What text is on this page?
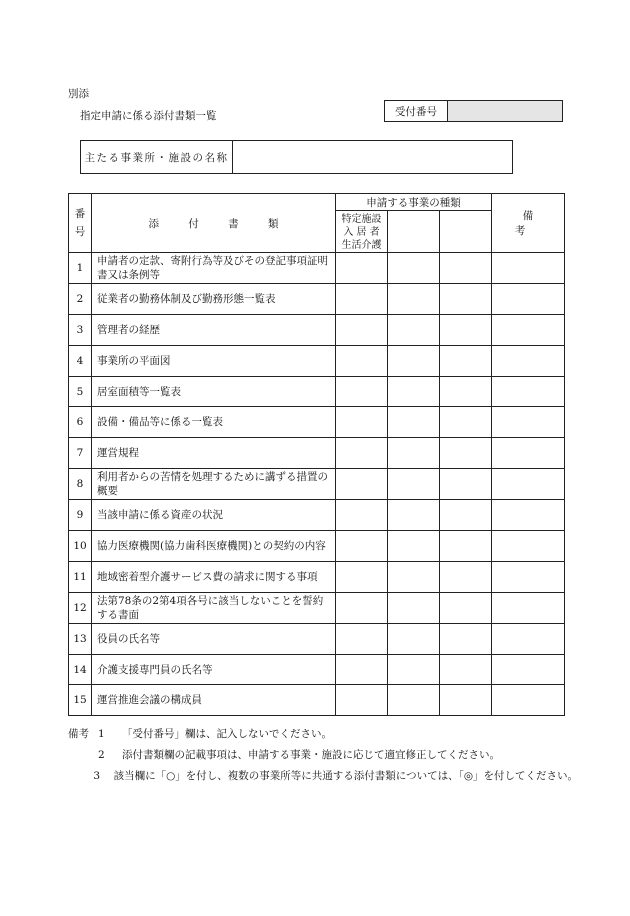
別添
指定申請に係る添付書類一覧	受付番号
主たる事業所・施設の名称
番
号	添 付 書 類	申請する事業の種類			備 考

		特定施設
入 居 者
生活介護			

1	申請者の定款、寄附行為等及びその登記事項証明書又は条例等				
2	従業者の勤務体制及び勤務形態一覧表				
3	管理者の経歴				
4	事業所の平面図				
5	居室面積等一覧表				
6	設備・備品等に係る一覧表				
7	運営規程				
8	利用者からの苦情を処理するために講ずる措置の概要				
9	当該申請に係る資産の状況				
10	協力医療機関(協力歯科医療機関)との契約の内容				
11	地域密着型介護サービス費の請求に関する事項				
12	法第78条の2第4項各号に該当しないことを誓約する書面				
13	役員の氏名等				
14	介護支援専門員の氏名等				
15	運営推進会議の構成員				
備考 1	「受付番号」欄は、記入しないでください。
2	添付書類欄の記載事項は、申請する事業・施設に応じて適宜修正してください。
3	該当欄に「○」を付し、複数の事業所等に共通する添付書類については、「◎」を付してください。
